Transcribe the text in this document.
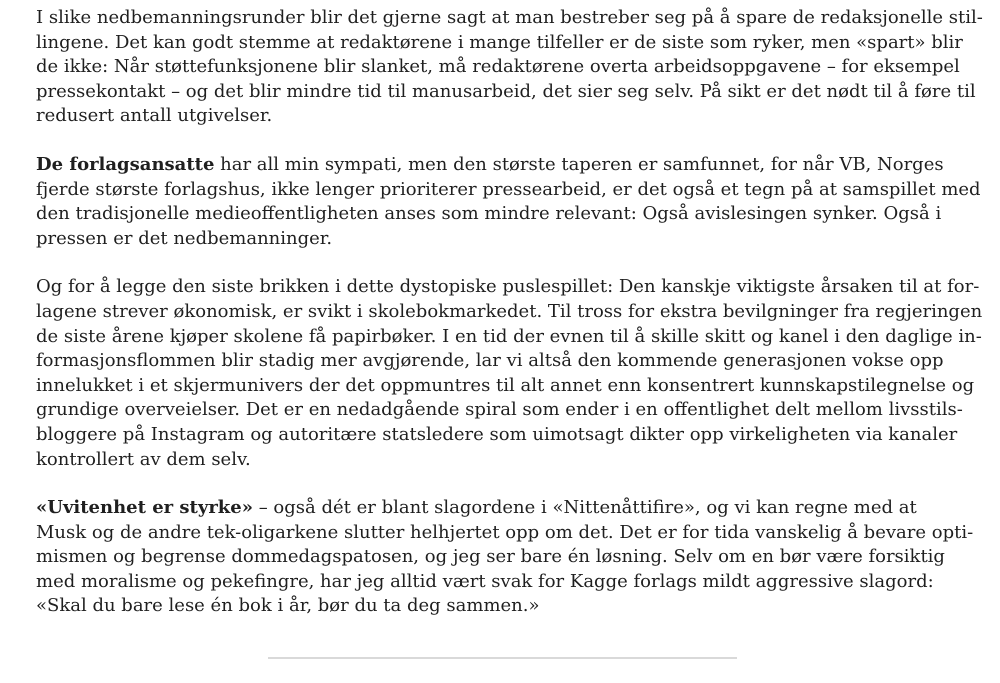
I slike nedbemanningsrunder blir det gjerne sagt at man bestreber seg på å spare de redaksjonelle stil-
lingene. Det kan godt stemme at redaktørene i mange tilfeller er de siste som ryker, men «spart» blir
de ikke: Når støttefunksjonene blir slanket, må redaktørene overta arbeidsoppgavene – for eksempel
pressekontakt – og det blir mindre tid til manusarbeid, det sier seg selv. På sikt er det nødt til å føre til
redusert antall utgivelser.

De forlagsansatte har all min sympati, men den største taperen er samfunnet, for når VB, Norges
fjerde største forlagshus, ikke lenger prioriterer pressearbeid, er det også et tegn på at samspillet med
den tradisjonelle medieoffentligheten anses som mindre relevant: Også avislesingen synker. Også i
pressen er det nedbemanninger.

Og for å legge den siste brikken i dette dystopiske puslespillet: Den kanskje viktigste årsaken til at for-
lagene strever økonomisk, er svikt i skolebokmarkedet. Til tross for ekstra bevilgninger fra regjeringen
de siste årene kjøper skolene få papirbøker. I en tid der evnen til å skille skitt og kanel i den daglige in-
formasjonsflommen blir stadig mer avgjørende, lar vi altså den kommende generasjonen vokse opp
innelukket i et skjermunivers der det oppmuntres til alt annet enn konsentrert kunnskapstilegnelse og
grundige overveielser. Det er en nedadgående spiral som ender i en offentlighet delt mellom livsstils-
bloggere på Instagram og autoritære statsledere som uimotsagt dikter opp virkeligheten via kanaler
kontrollert av dem selv.

«Uvitenhet er styrke» – også dét er blant slagordene i «Nittenåttifire», og vi kan regne med at
Musk og de andre tek-oligarkene slutter helhjertet opp om det. Det er for tida vanskelig å bevare opti-
mismen og begrense dommedagspatosen, og jeg ser bare én løsning. Selv om en bør være forsiktig
med moralisme og pekefingre, har jeg alltid vært svak for Kagge forlags mildt aggressive slagord:
«Skal du bare lese én bok i år, bør du ta deg sammen.»
